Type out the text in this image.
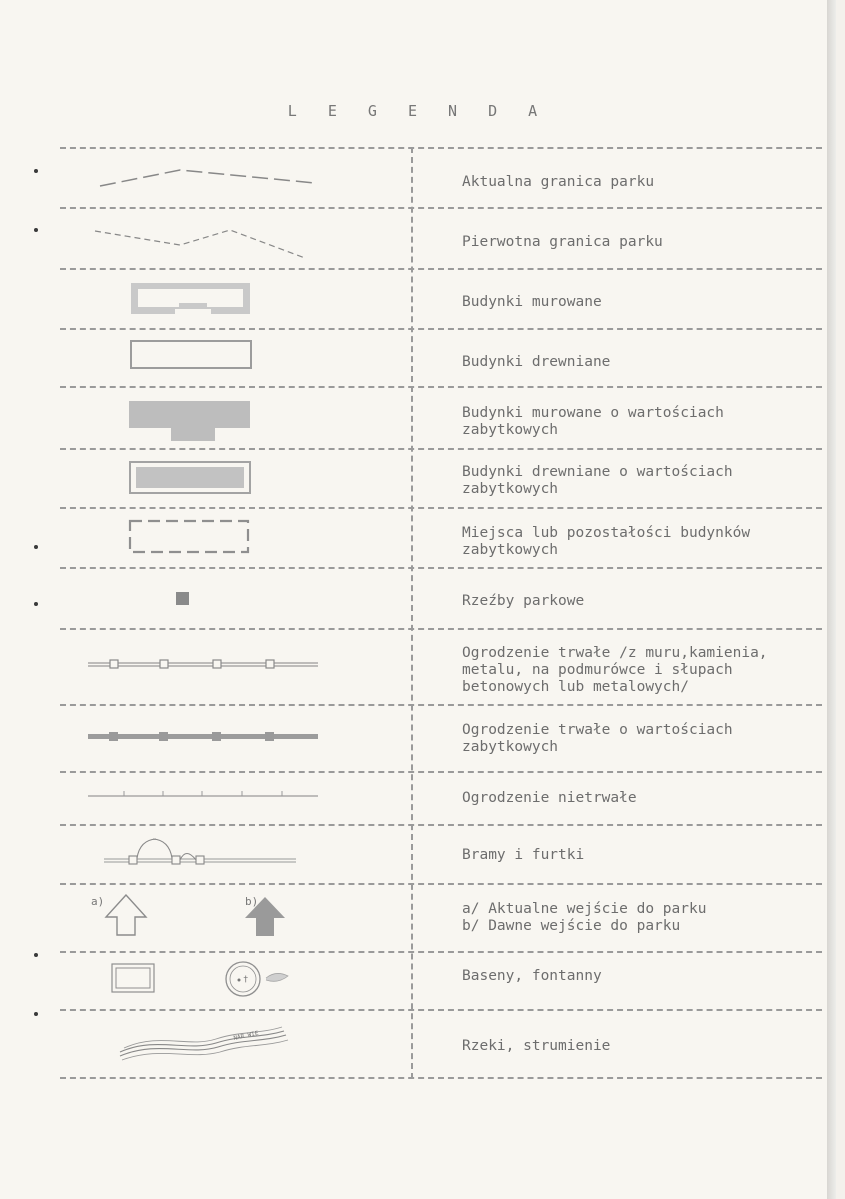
L E G E N D A
Aktualna granica parku
Pierwotna granica parku
Budynki murowane
Budynki drewniane
Budynki murowane o wartościach
zabytkowych
Budynki drewniane o wartościach
zabytkowych
Miejsca lub pozostałości budynków
zabytkowych
Rzeźby parkowe
Ogrodzenie trwałe /z muru,kamienia,
metalu, na podmurówce i słupach
betonowych lub metalowych/
Ogrodzenie trwałe o wartościach
zabytkowych
Ogrodzenie nietrwałe
Bramy i furtki
a/ Aktualne wejście do parku
b/ Dawne wejście do parku
Baseny, fontanny
Rzeki, strumienie
a)	b)
†
NAR WIE
